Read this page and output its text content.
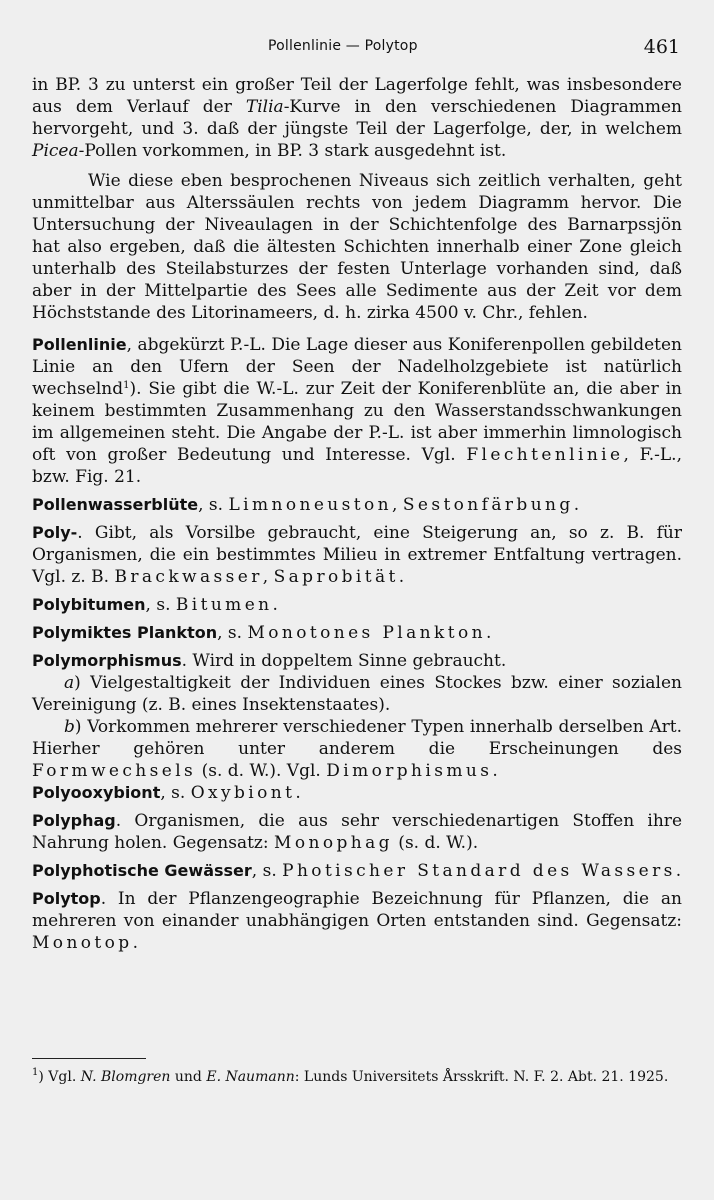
Pollenlinie — Polytop	461

in BP. 3 zu unterst ein großer Teil der Lagerfolge fehlt, was insbesondere aus dem Verlauf der Tilia-Kurve in den verschiedenen Diagrammen hervorgeht, und 3. daß der jüngste Teil der Lagerfolge, der, in welchem Picea-Pollen vorkommen, in BP. 3 stark ausgedehnt ist.

Wie diese eben besprochenen Niveaus sich zeitlich verhalten, geht unmittelbar aus Alterssäulen rechts von jedem Diagramm hervor. Die Untersuchung der Niveaulagen in der Schichtenfolge des Barnarpssjön hat also ergeben, daß die ältesten Schichten innerhalb einer Zone gleich unterhalb des Steilabsturzes der festen Unterlage vorhanden sind, daß aber in der Mittelpartie des Sees alle Sedimente aus der Zeit vor dem Höchststande des Litorinameers, d. h. zirka 4500 v. Chr., fehlen.

Pollenlinie, abgekürzt P.-L. Die Lage dieser aus Koniferenpollen gebildeten Linie an den Ufern der Seen der Nadelholzgebiete ist natürlich wechselnd$^1$). Sie gibt die W.-L. zur Zeit der Koniferenblüte an, die aber in keinem bestimmten Zusammenhang zu den Wasserstandsschwankungen im allgemeinen steht. Die Angabe der P.-L. ist aber immerhin limnologisch oft von großer Bedeutung und Interesse. Vgl. Flechtenlinie, F.-L., bzw. Fig. 21.

Pollenwasserblüte, s. Limnoneuston, Sestonfärbung.

Poly-. Gibt, als Vorsilbe gebraucht, eine Steigerung an, so z. B. für Organismen, die ein bestimmtes Milieu in extremer Entfaltung vertragen. Vgl. z. B. Brackwasser, Saprobität.

Polybitumen, s. Bitumen.

Polymiktes Plankton, s. Monotones Plankton.

Polymorphismus. Wird in doppeltem Sinne gebraucht.

a) Vielgestaltigkeit der Individuen eines Stockes bzw. einer sozialen Vereinigung (z. B. eines Insektenstaates).

b) Vorkommen mehrerer verschiedener Typen innerhalb derselben Art. Hierher gehören unter anderem die Erscheinungen des Formwechsels (s. d. W.). Vgl. Dimorphismus.

Polyooxybiont, s. Oxybiont.

Polyphag. Organismen, die aus sehr verschiedenartigen Stoffen ihre Nahrung holen. Gegensatz: Monophag (s. d. W.).

Polyphotische Gewässer, s. Photischer Standard des Wassers.

Polytop. In der Pflanzengeographie Bezeichnung für Pflanzen, die an mehreren von einander unabhängigen Orten entstanden sind. Gegensatz: Monotop.

$^1$) Vgl. N. Blomgren und E. Naumann: Lunds Universitets Årsskrift. N. F. 2. Abt. 21. 1925.
